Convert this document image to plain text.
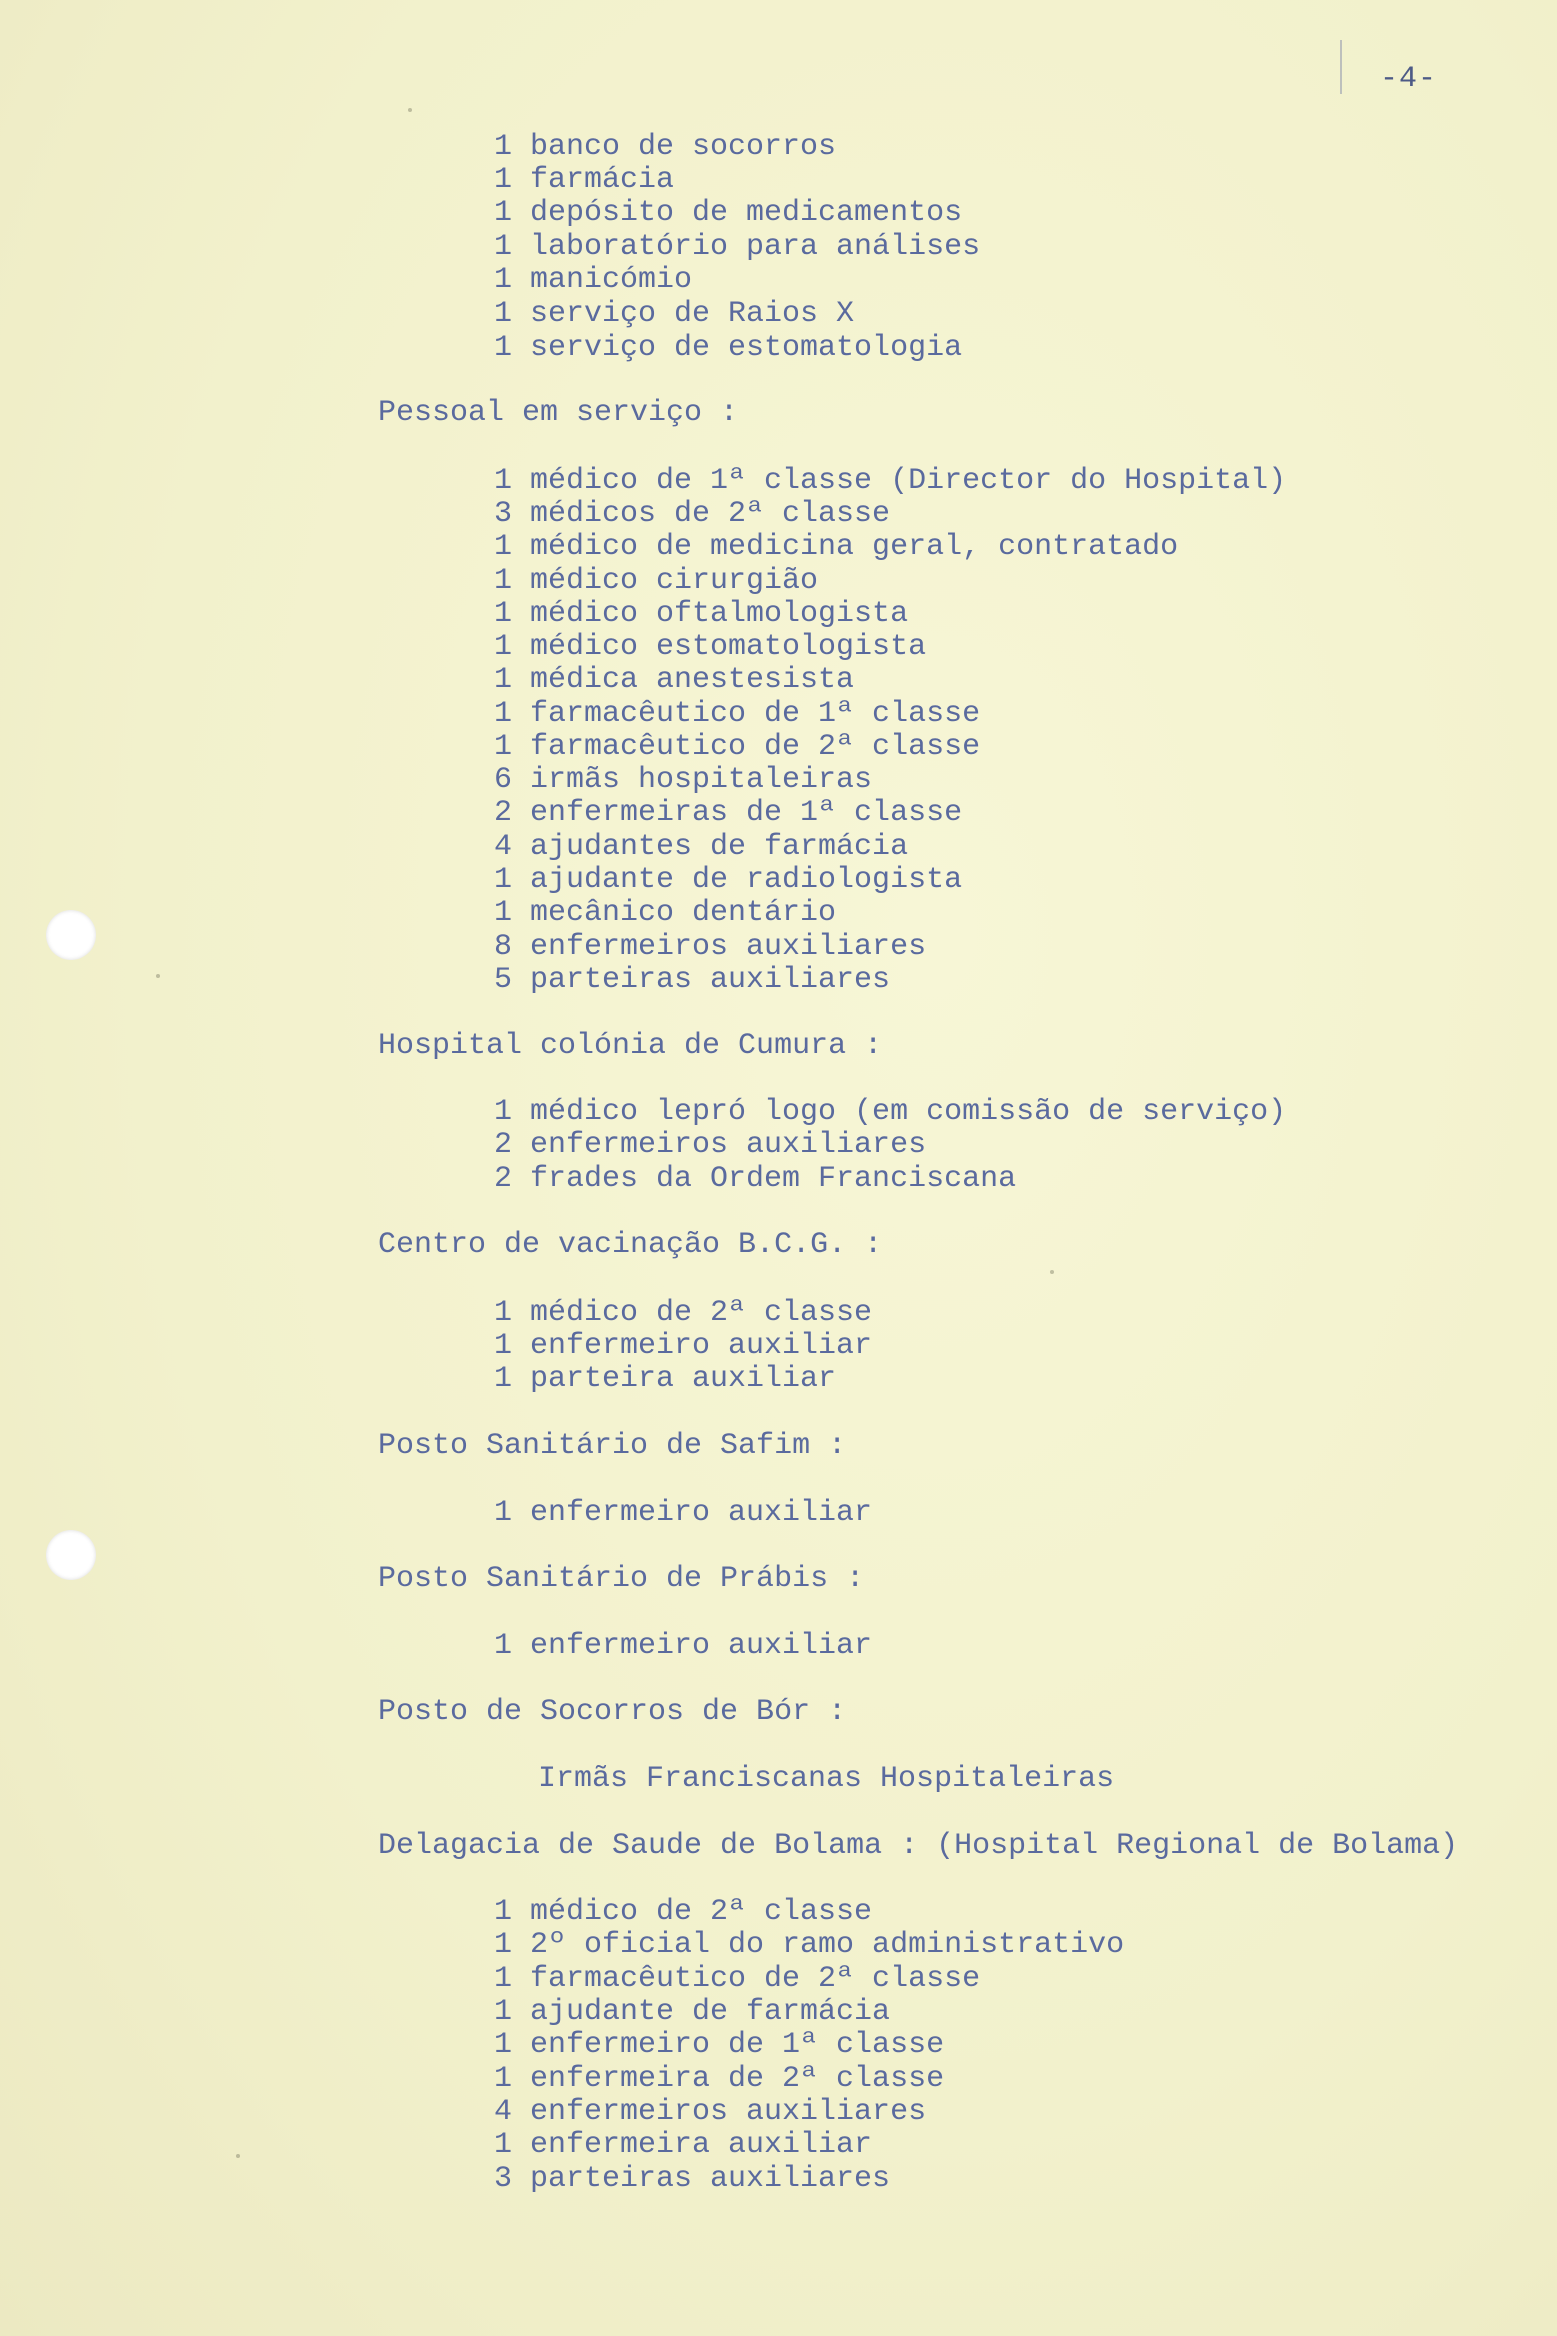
-4-
1 banco de socorros
1 farmácia
1 depósito de medicamentos
1 laboratório para análises
1 manicómio
1 serviço de Raios X
1 serviço de estomatologia
Pessoal em serviço :
1 médico de 1ª classe (Director do Hospital)
3 médicos de 2ª classe
1 médico de medicina geral, contratado
1 médico cirurgião
1 médico oftalmologista
1 médico estomatologista
1 médica anestesista
1 farmacêutico de 1ª classe
1 farmacêutico de 2ª classe
6 irmãs hospitaleiras
2 enfermeiras de 1ª classe
4 ajudantes de farmácia
1 ajudante de radiologista
1 mecânico dentário
8 enfermeiros auxiliares
5 parteiras auxiliares
Hospital colónia de Cumura :
1 médico lepró logo (em comissão de serviço)
2 enfermeiros auxiliares
2 frades da Ordem Franciscana
Centro de vacinação B.C.G. :
1 médico de 2ª classe
1 enfermeiro auxiliar
1 parteira auxiliar
Posto Sanitário de Safim :
1 enfermeiro auxiliar
Posto Sanitário de Prábis :
1 enfermeiro auxiliar
Posto de Socorros de Bór :
Irmãs Franciscanas Hospitaleiras
Delagacia de Saude de Bolama : (Hospital Regional de Bolama)
1 médico de 2ª classe
1 2º oficial do ramo administrativo
1 farmacêutico de 2ª classe
1 ajudante de farmácia
1 enfermeiro de 1ª classe
1 enfermeira de 2ª classe
4 enfermeiros auxiliares
1 enfermeira auxiliar
3 parteiras auxiliares
